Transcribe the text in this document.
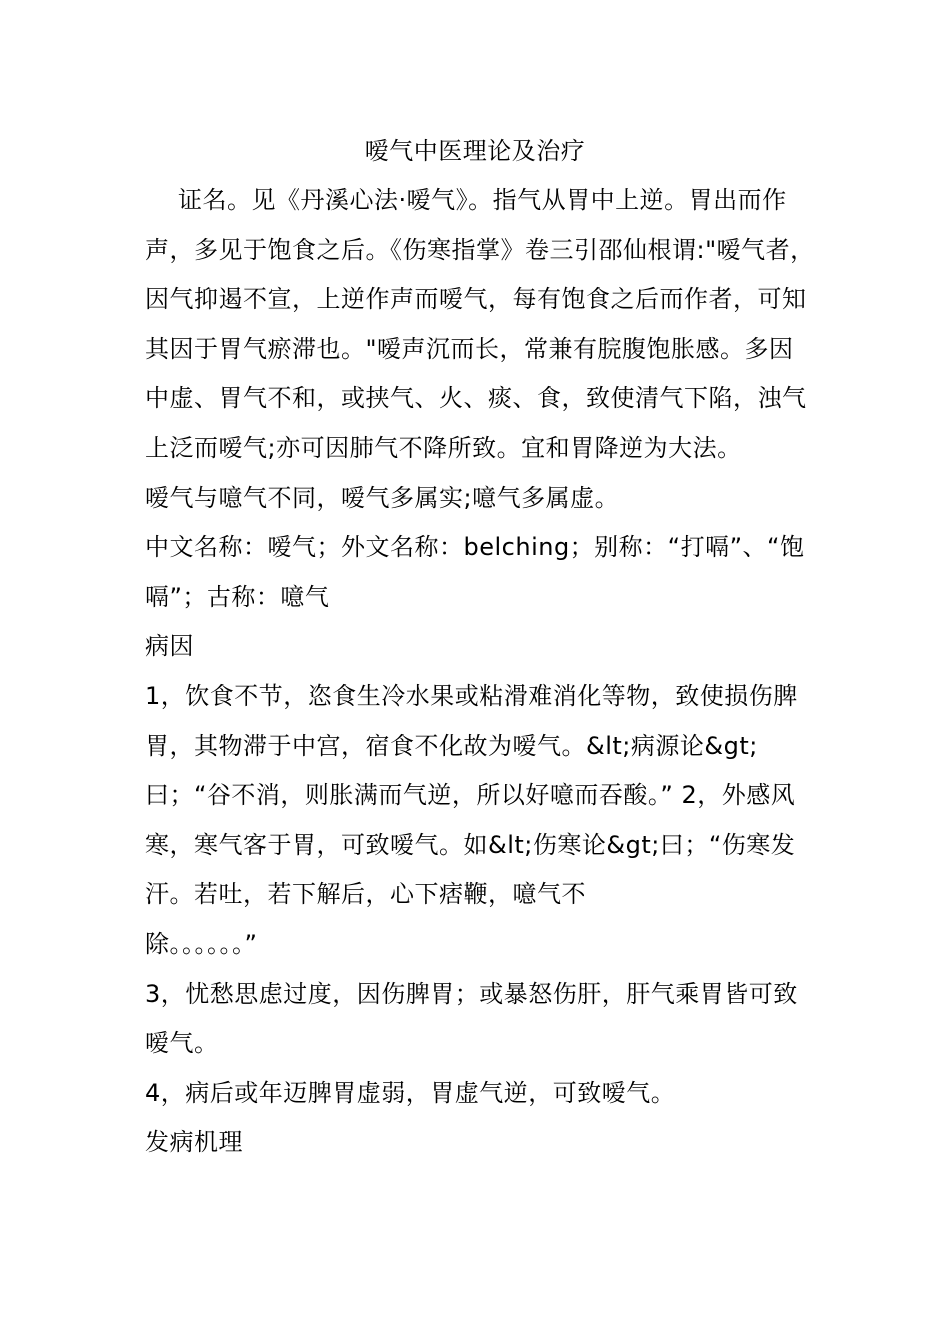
嗳气中医理论及治疗

证名。见《丹溪心法·嗳气》。指气从胃中上逆。胃出而作声，多见于饱食之后。《伤寒指掌》卷三引邵仙根谓:"嗳气者，因气抑遏不宣，上逆作声而嗳气，每有饱食之后而作者，可知其因于胃气瘀滞也。"嗳声沉而长，常兼有脘腹饱胀感。多因中虚、胃气不和，或挟气、火、痰、食，致使清气下陷，浊气上泛而嗳气;亦可因肺气不降所致。宜和胃降逆为大法。

嗳气与噫气不同，嗳气多属实;噫气多属虚。

中文名称：嗳气；外文名称：belching；别称：“打嗝”、“饱嗝”；古称：噫气

病因

1，饮食不节，恣食生冷水果或粘滑难消化等物，致使损伤脾胃，其物滞于中宫，宿食不化故为嗳气。&lt;病源论&gt;曰；“谷不消，则胀满而气逆，所以好噫而吞酸。” 2，外感风寒，寒气客于胃，可致嗳气。如&lt;伤寒论&gt;曰；“伤寒发汗。若吐，若下解后，心下痞鞭，噫气不

除。。。。。。”

3，忧愁思虑过度，因伤脾胃；或暴怒伤肝，肝气乘胃皆可致嗳气。

4，病后或年迈脾胃虚弱，胃虚气逆，可致嗳气。

发病机理
